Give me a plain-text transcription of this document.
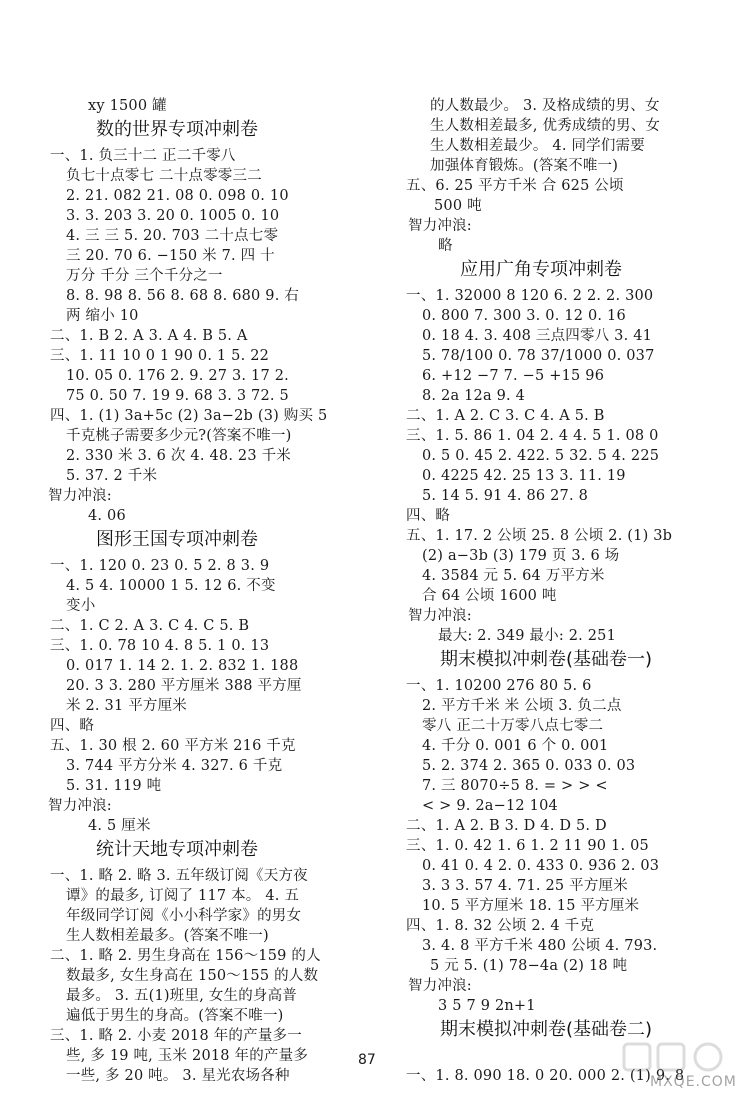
xy 1500 罐
一、1. 负三十二 正二千零八
负七十点零七 二十点零零三二
2. 21. 082 21. 08 0. 098 0. 10
3. 3. 203 3. 20 0. 1005 0. 10
4. 三 三 5. 20. 703 二十点七零
三 20. 70 6. −150 米 7. 四 十
万分 千分 三个千分之一
8. 8. 98 8. 56 8. 68 8. 680 9. 右
两 缩小 10
二、1. B 2. A 3. A 4. B 5. A
三、1. 11 10 0 1 90 0. 1 5. 22
10. 05 0. 176 2. 9. 27 3. 17 2.
75 0. 50 7. 19 9. 68 3. 3 72. 5
四、1. (1) 3a+5c (2) 3a−2b (3) 购买 5
千克桃子需要多少元?(答案不唯一)
2. 330 米 3. 6 次 4. 48. 23 千米
5. 37. 2 千米
智力冲浪:
4. 06
一、1. 120 0. 23 0. 5 2. 8 3. 9
4. 5 4. 10000 1 5. 12 6. 不变
变小
二、1. C 2. A 3. C 4. C 5. B
三、1. 0. 78 10 4. 8 5. 1 0. 13
0. 017 1. 14 2. 1. 2. 832 1. 188
20. 3 3. 280 平方厘米 388 平方厘
米 2. 31 平方厘米
四、略
五、1. 30 根 2. 60 平方米 216 千克
3. 744 平方分米 4. 327. 6 千克
5. 31. 119 吨
智力冲浪:
4. 5 厘米
一、1. 略 2. 略 3. 五年级订阅《天方夜
谭》的最多, 订阅了 117 本。 4. 五
年级同学订阅《小小科学家》的男女
生人数相差最多。(答案不唯一)
二、1. 略 2. 男生身高在 156～159 的人
数最多, 女生身高在 150～155 的人数
最多。 3. 五(1)班里, 女生的身高普
遍低于男生的身高。(答案不唯一)
三、1. 略 2. 小麦 2018 年的产量多一
些, 多 19 吨, 玉米 2018 年的产量多
一些, 多 20 吨。 3. 星光农场各种
数的世界专项冲刺卷
图形王国专项冲刺卷
统计天地专项冲刺卷
的人数最少。 3. 及格成绩的男、女
生人数相差最多, 优秀成绩的男、女
生人数相差最少。 4. 同学们需要
加强体育锻炼。(答案不唯一)
五、6. 25 平方千米 合 625 公顷
500 吨
智力冲浪:
略
一、1. 32000 8 120 6. 2 2. 2. 300
0. 800 7. 300 3. 0. 12 0. 16
0. 18 4. 3. 408 三点四零八 3. 41
5. 78/100 0. 78 37/1000 0. 037
6. +12 −7 7. −5 +15 96
8. 2a 12a 9. 4
二、1. A 2. C 3. C 4. A 5. B
三、1. 5. 86 1. 04 2. 4 4. 5 1. 08 0
0. 5 0. 45 2. 422. 5 32. 5 4. 225
0. 4225 42. 25 13 3. 11. 19
5. 14 5. 91 4. 86 27. 8
四、略
五、1. 17. 2 公顷 25. 8 公顷 2. (1) 3b
(2) a−3b (3) 179 页 3. 6 场
4. 3584 元 5. 64 万平方米
合 64 公顷 1600 吨
智力冲浪:
最大: 2. 349 最小: 2. 251
一、1. 10200 276 80 5. 6
2. 平方千米 米 公顷 3. 负二点
零八 正二十万零八点七零二
4. 千分 0. 001 6 个 0. 001
5. 2. 374 2. 365 0. 033 0. 03
7. 三 8070÷5 8. = > > <
< > 9. 2a−12 104
二、1. A 2. B 3. D 4. D 5. D
三、1. 0. 42 1. 6 1. 2 11 90 1. 05
0. 41 0. 4 2. 0. 433 0. 936 2. 03
3. 3 3. 57 4. 71. 25 平方厘米
10. 5 平方厘米 18. 15 平方厘米
四、1. 8. 32 公顷 2. 4 千克
3. 4. 8 平方千米 480 公顷 4. 793.
5 元 5. (1) 78−4a (2) 18 吨
智力冲浪:
3 5 7 9 2n+1
一、1. 8. 090 18. 0 20. 000 2. (1) 9. 8
应用广角专项冲刺卷
期末模拟冲刺卷(基础卷一)
期末模拟冲刺卷(基础卷二)
87
MXQE.COM
